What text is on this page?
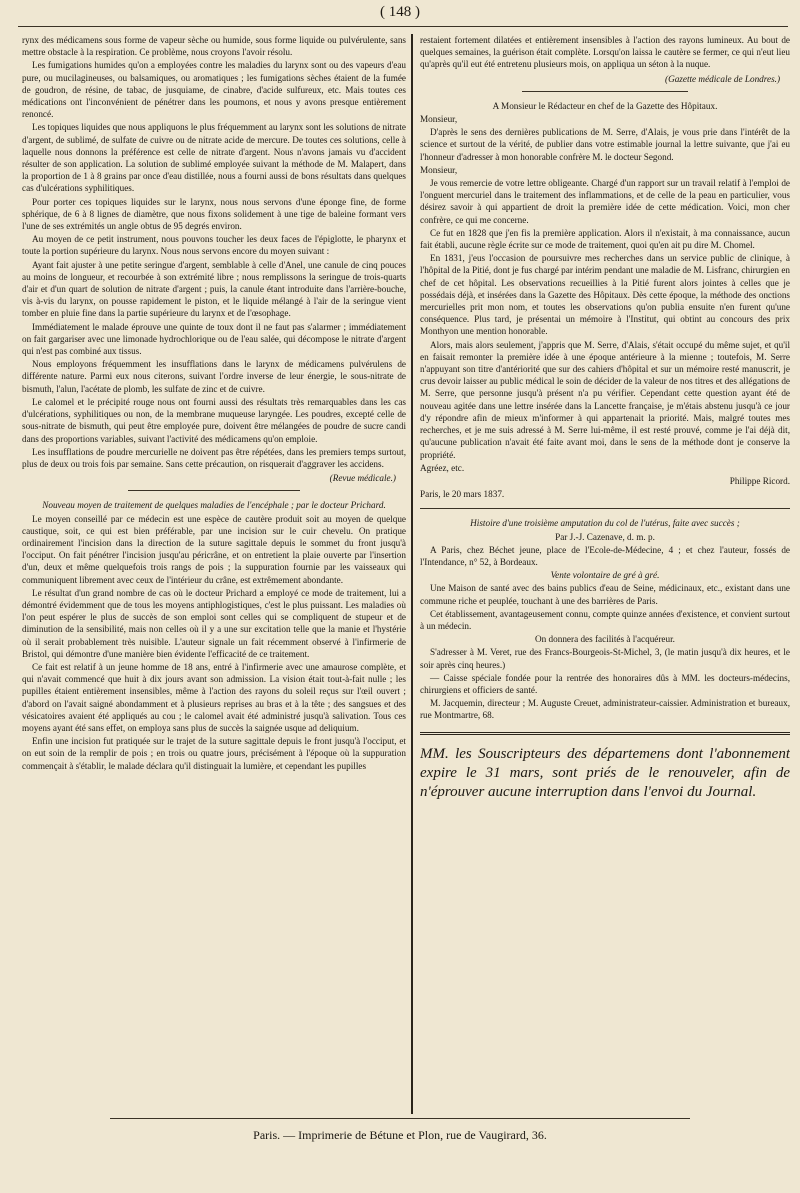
( 148 )

rynx des médicamens sous forme de vapeur sèche ou humide, sous forme liquide ou pulvérulente, sans mettre obstacle à la respiration. Ce problème, nous croyons l'avoir résolu.

Les fumigations humides qu'on a employées contre les maladies du larynx sont ou des vapeurs d'eau pure, ou mucilagineuses, ou balsamiques, ou aromatiques ; les fumigations sèches étaient de la fumée de goudron, de résine, de tabac, de jusquiame, de cinabre, d'acide sulfureux, etc. Mais toutes ces médications ont l'inconvénient de pénétrer dans les poumons, et nous y avons presque entièrement renoncé.

Les topiques liquides que nous appliquons le plus fréquemment au larynx sont les solutions de nitrate d'argent, de sublimé, de sulfate de cuivre ou de nitrate acide de mercure. De toutes ces solutions, celle à laquelle nous donnons la préférence est celle de nitrate d'argent. Nous n'avons jamais vu d'accident résulter de son application. La solution de sublimé employée suivant la méthode de M. Malapert, dans la proportion de 1 à 8 grains par once d'eau distillée, nous a fourni aussi de bons résultats dans quelques cas d'ulcérations syphilitiques.

Pour porter ces topiques liquides sur le larynx, nous nous servons d'une éponge fine, de forme sphérique, de 6 à 8 lignes de diamètre, que nous fixons solidement à une tige de baleine formant vers l'une de ses extrémités un angle obtus de 95 degrés environ.

Au moyen de ce petit instrument, nous pouvons toucher les deux faces de l'épiglotte, le pharynx et toute la portion supérieure du larynx. Nous nous servons encore du moyen suivant :

Ayant fait ajuster à une petite seringue d'argent, semblable à celle d'Anel, une canule de cinq pouces au moins de longueur, et recourbée à son extrémité libre ; nous remplissons la seringue de trois-quarts d'air et d'un quart de solution de nitrate d'argent ; puis, la canule étant introduite dans l'arrière-bouche, vis à-vis du larynx, on pousse rapidement le piston, et le liquide mélangé à l'air de la seringue vient tomber en pluie fine dans la partie supérieure du larynx et de l'œsophage.

Immédiatement le malade éprouve une quinte de toux dont il ne faut pas s'alarmer ; immédiatement on fait gargariser avec une limonade hydrochlorique ou de l'eau salée, qui décompose le nitrate d'argent qui n'est pas combiné aux tissus.

Nous employons fréquemment les insufflations dans le larynx de médicamens pulvérulens de différente nature. Parmi eux nous citerons, suivant l'ordre inverse de leur énergie, le sous-nitrate de bismuth, l'alun, l'acétate de plomb, les sulfate de zinc et de cuivre.

Le calomel et le précipité rouge nous ont fourni aussi des résultats très remarquables dans les cas d'ulcérations, syphilitiques ou non, de la membrane muqueuse laryngée. Les poudres, excepté celle de sous-nitrate de bismuth, qui peut être employée pure, doivent être mélangées de poudre de sucre candi dans des proportions variables, suivant l'activité des médicamens qu'on emploie.

Les insufflations de poudre mercurielle ne doivent pas être répétées, dans les premiers temps surtout, plus de deux ou trois fois par semaine. Sans cette précaution, on risquerait d'aggraver les accidens.

(Revue médicale.)

Nouveau moyen de traitement de quelques maladies de l'encéphale ; par le docteur Prichard.

Le moyen conseillé par ce médecin est une espèce de cautère produit soit au moyen de quelque caustique, soit, ce qui est bien préférable, par une incision sur le cuir chevelu. On pratique ordinairement l'incision dans la direction de la suture sagittale depuis le sommet du front jusqu'à l'occiput. On fait pénétrer l'incision jusqu'au péricrâne, et on entretient la plaie ouverte par l'insertion d'un, deux et même quelquefois trois rangs de pois ; la suppuration fournie par les vaisseaux qui communiquent librement avec ceux de l'intérieur du crâne, est extrêmement abondante.

Le résultat d'un grand nombre de cas où le docteur Prichard a employé ce mode de traitement, lui a démontré évidemment que de tous les moyens antiphlogistiques, c'est le plus puissant. Les maladies où l'on peut espérer le plus de succès de son emploi sont celles qui se compliquent de stupeur et de diminution de la sensibilité, mais non celles où il y a une sur excitation telle que la manie et l'hystérie où il serait probablement très nuisible. L'auteur signale un fait récemment observé à l'infirmerie de Bristol, qui démontre d'une manière bien évidente l'efficacité de ce traitement.

Ce fait est relatif à un jeune homme de 18 ans, entré à l'infirmerie avec une amaurose complète, et qui n'avait commencé que huit à dix jours avant son admission. La vision était tout-à-fait nulle ; les pupilles étaient entièrement insensibles, même à l'action des rayons du soleil reçus sur l'œil ouvert ; d'abord on l'avait saigné abondamment et à plusieurs reprises au bras et à la tête ; des sangsues et des vésicatoires avaient été appliqués au cou ; le calomel avait été administré jusqu'à salivation. Tous ces moyens ayant été sans effet, on employa sans plus de succès la saignée usque ad deliquium.

Enfin une incision fut pratiquée sur le trajet de la suture sagittale depuis le front jusqu'à l'occiput, et on eut soin de la remplir de pois ; en trois ou quatre jours, précisément à l'époque où la suppuration commençait à s'établir, le malade déclara qu'il distinguait la lumière, et cependant les pupilles

restaient fortement dilatées et entièrement insensibles à l'action des rayons lumineux. Au bout de quelques semaines, la guérison était complète. Lorsqu'on laissa le cautère se fermer, ce qui n'eut lieu qu'après qu'il eut été entretenu plusieurs mois, on appliqua un séton à la nuque.

(Gazette médicale de Londres.)

A Monsieur le Rédacteur en chef de la Gazette des Hôpitaux.

Monsieur,

D'après le sens des dernières publications de M. Serre, d'Alais, je vous prie dans l'intérêt de la science et surtout de la vérité, de publier dans votre estimable journal la lettre suivante, que j'ai eu l'honneur d'adresser à mon honorable confrère M. le docteur Segond.

Monsieur,

Je vous remercie de votre lettre obligeante. Chargé d'un rapport sur un travail relatif à l'emploi de l'onguent mercuriel dans le traitement des inflammations, et de celle de la peau en particulier, vous désirez savoir à qui appartient de droit la première idée de cette médication. Voici, mon cher confrère, ce qui me concerne.

Ce fut en 1828 que j'en fis la première application. Alors il n'existait, à ma connaissance, aucun fait établi, aucune règle écrite sur ce mode de traitement, quoi qu'en ait pu dire M. Chomel.

En 1831, j'eus l'occasion de poursuivre mes recherches dans un service public de clinique, à l'hôpital de la Pitié, dont je fus chargé par intérim pendant une maladie de M. Lisfranc, chirurgien en chef de cet hôpital. Les observations recueillies à la Pitié furent alors jointes à celles que je possédais déjà, et insérées dans la Gazette des Hôpitaux. Dès cette époque, la méthode des onctions mercurielles prit mon nom, et toutes les observations qu'on publia ensuite n'en furent qu'une conséquence. Plus tard, je présentai un mémoire à l'Institut, qui obtint au concours des prix Monthyon une mention honorable.

Alors, mais alors seulement, j'appris que M. Serre, d'Alais, s'était occupé du même sujet, et qu'il en faisait remonter la première idée à une époque antérieure à la mienne ; toutefois, M. Serre n'appuyant son titre d'antériorité que sur des cahiers d'hôpital et sur un mémoire resté manuscrit, je crus devoir laisser au public médical le soin de décider de la valeur de nos titres et des allégations de M. Serre, que personne jusqu'à présent n'a pu vérifier. Cependant cette question ayant été de nouveau agitée dans une lettre insérée dans la Lancette française, je m'étais abstenu jusqu'à ce jour d'y répondre afin de mieux m'informer à qui appartenait la priorité. Mais, malgré toutes mes recherches, et je me suis adressé à M. Serre lui-même, il est resté prouvé, comme je l'ai déjà dit, qu'aucune publication n'avait été faite avant moi, dans le sens de la méthode dont je conserve la propriété.

Agréez, etc.

Philippe Ricord.

Paris, le 20 mars 1837.

Histoire d'une troisième amputation du col de l'utérus, faite avec succès ;

Par J.-J. Cazenave, d. m. p.

A Paris, chez Béchet jeune, place de l'Ecole-de-Médecine, 4 ; et chez l'auteur, fossés de l'Intendance, n° 52, à Bordeaux.

Vente volontaire de gré à gré.

Une Maison de santé avec des bains publics d'eau de Seine, médicinaux, etc., existant dans une commune riche et peuplée, touchant à une des barrières de Paris.

Cet établissement, avantageusement connu, compte quinze années d'existence, et convient surtout à un médecin.

On donnera des facilités à l'acquéreur.

S'adresser à M. Veret, rue des Francs-Bourgeois-St-Michel, 3, (le matin jusqu'à dix heures, et le soir après cinq heures.)

— Caisse spéciale fondée pour la rentrée des honoraires dûs à MM. les docteurs-médecins, chirurgiens et officiers de santé.

M. Jacquemin, directeur ; M. Auguste Creuet, administrateur-caissier. Administration et bureaux, rue Montmartre, 68.

MM. les Souscripteurs des départemens dont l'abonnement expire le 31 mars, sont priés de le renouveler, afin de n'éprouver aucune interruption dans l'envoi du Journal.
Paris. — Imprimerie de Bétune et Plon, rue de Vaugirard, 36.
